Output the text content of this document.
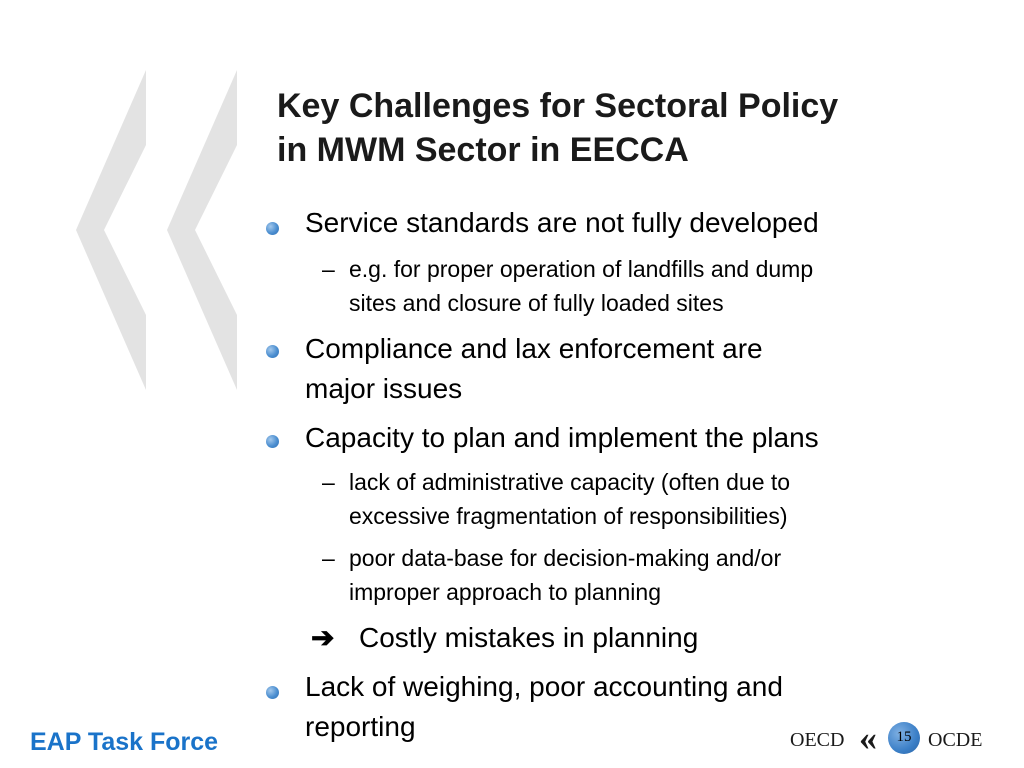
Key Challenges for Sectoral Policy
in MWM Sector in EECCA
Service standards are not fully developed
– e.g. for proper operation of landfills and dump
sites and closure of fully loaded sites
Compliance and lax enforcement are
major issues
Capacity to plan and implement the plans
– lack of administrative capacity (often due to
excessive fragmentation of responsibilities)
– poor data-base for decision-making and/or
improper approach to planning
➔ Costly mistakes in planning
Lack of weighing, poor accounting and
reporting
EAP Task Force	OECD «	15 OCDE
